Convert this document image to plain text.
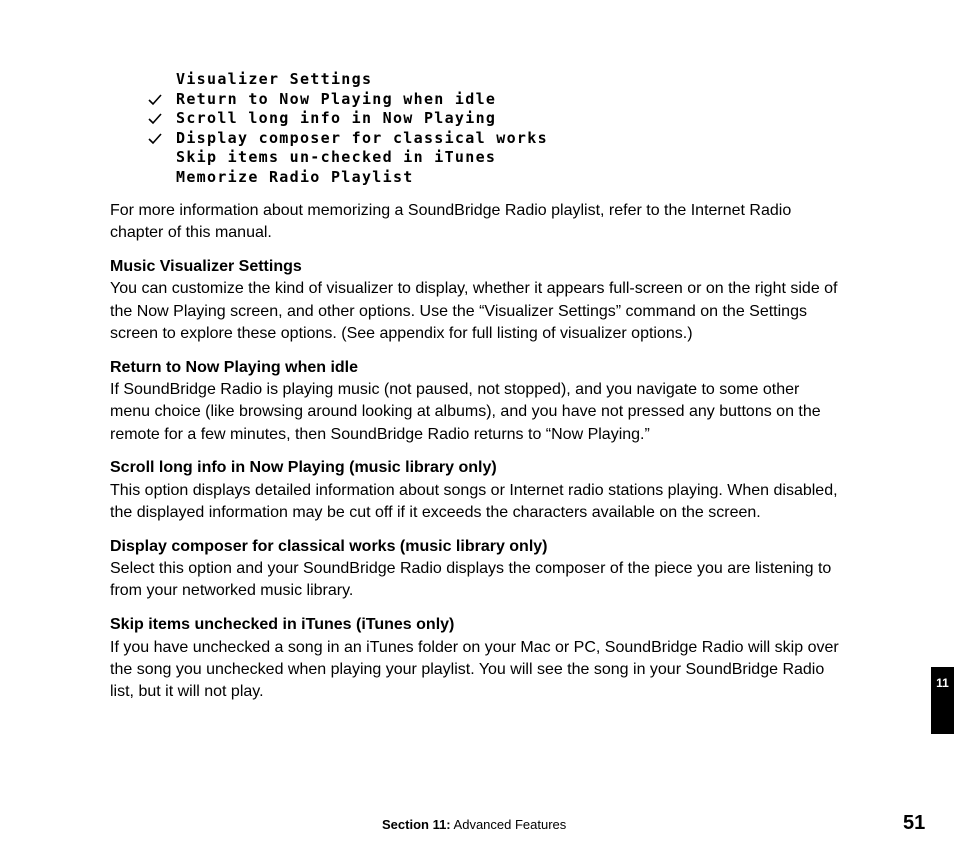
Visualizer Settings
Return to Now Playing when idle
Scroll long info in Now Playing
Display composer for classical works
Skip items un-checked in iTunes
Memorize Radio Playlist

For more information about memorizing a SoundBridge Radio playlist, refer to the Internet Radio chapter of this manual.

Music Visualizer Settings

You can customize the kind of visualizer to display, whether it appears full-screen or on the right side of the Now Playing screen, and other options. Use the “Visualizer Settings” command on the Settings screen to explore these options. (See appendix for full listing of visualizer options.)

Return to Now Playing when idle

If SoundBridge Radio is playing music (not paused, not stopped), and you navigate to some other menu choice (like browsing around looking at albums), and you have not pressed any buttons on the remote for a few minutes, then SoundBridge Radio returns to “Now Playing.”

Scroll long info in Now Playing (music library only)

This option displays detailed information about songs or Internet radio stations playing. When disabled, the displayed information may be cut off if it exceeds the characters available on the screen.

Display composer for classical works (music library only)

Select this option and your SoundBridge Radio displays the composer of the piece you are listening to from your networked music library.

Skip items unchecked in iTunes (iTunes only)

If you have unchecked a song in an iTunes folder on your Mac or PC, SoundBridge Radio will skip over the song you unchecked when playing your playlist. You will see the song in your SoundBridge Radio list, but it will not play.

11
Section 11: Advanced Features	51
